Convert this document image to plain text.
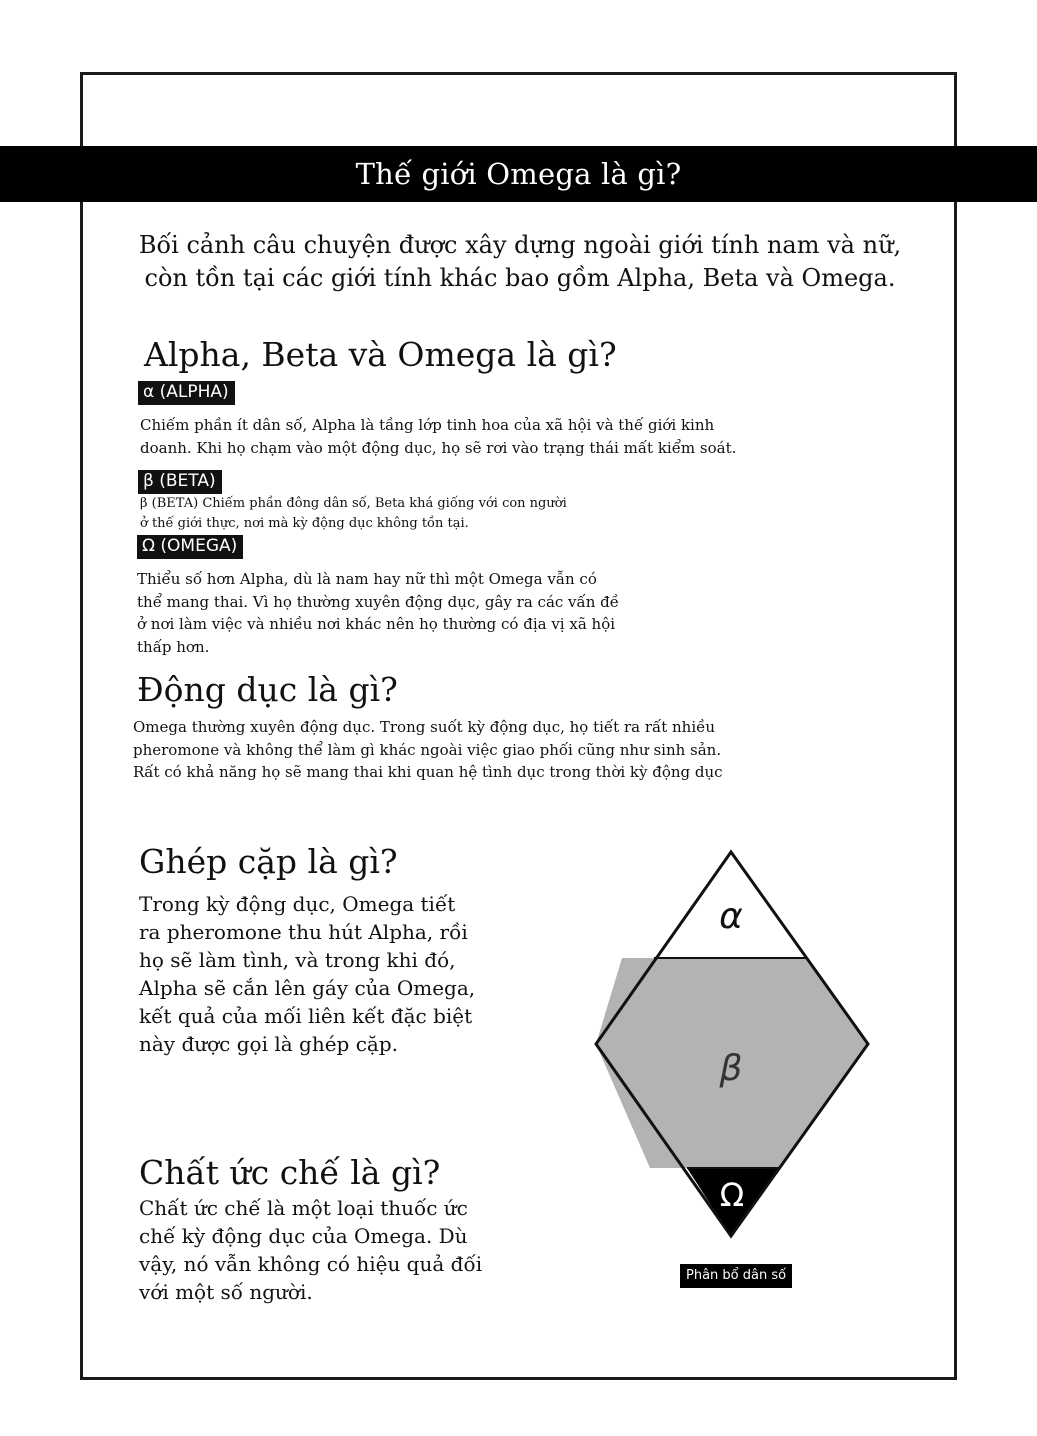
Thế giới Omega là gì?
Bối cảnh câu chuyện được xây dựng ngoài giới tính nam và nữ,
còn tồn tại các giới tính khác bao gồm Alpha, Beta và Omega.
Alpha, Beta và Omega là gì?
α (ALPHA)
Chiếm phần ít dân số, Alpha là tầng lớp tinh hoa của xã hội và thế giới kinh
doanh. Khi họ chạm vào một động dục, họ sẽ rơi vào trạng thái mất kiểm soát.
β (BETA)
β (BETA) Chiếm phần đông dân số, Beta khá giống với con người
ở thế giới thực, nơi mà kỳ động dục không tồn tại.
Ω (OMEGA)
Thiểu số hơn Alpha, dù là nam hay nữ thì một Omega vẫn có
thể mang thai. Vì họ thường xuyên động dục, gây ra các vấn đề
ở nơi làm việc và nhiều nơi khác nên họ thường có địa vị xã hội
thấp hơn.
Động dục là gì?
Omega thường xuyên động dục. Trong suốt kỳ động dục, họ tiết ra rất nhiều
pheromone và không thể làm gì khác ngoài việc giao phối cũng như sinh sản.
Rất có khả năng họ sẽ mang thai khi quan hệ tình dục trong thời kỳ động dục
Ghép cặp là gì?
Trong kỳ động dục, Omega tiết
ra pheromone thu hút Alpha, rồi
họ sẽ làm tình, và trong khi đó,
Alpha sẽ cắn lên gáy của Omega,
kết quả của mối liên kết đặc biệt
này được gọi là ghép cặp.
Chất ức chế là gì?
Chất ức chế là một loại thuốc ức
chế kỳ động dục của Omega. Dù
vậy, nó vẫn không có hiệu quả đối
với một số người.
α
β
Ω
Phân bổ dân số
